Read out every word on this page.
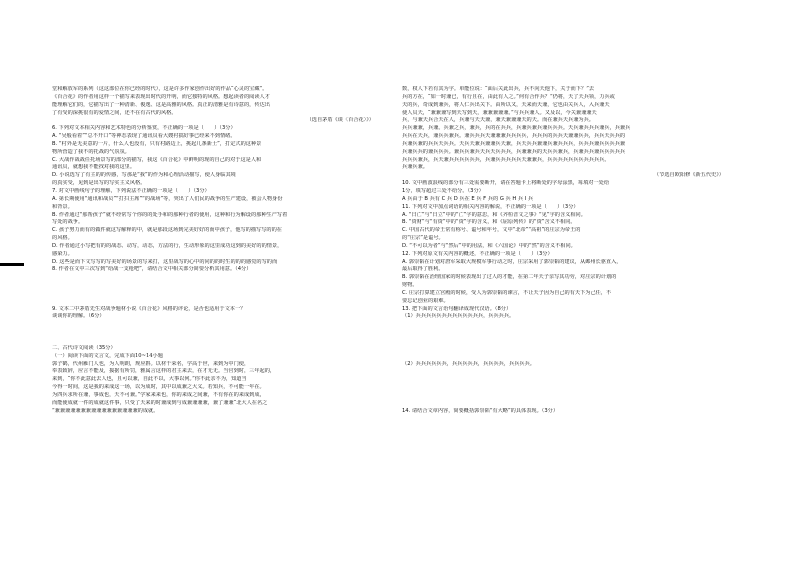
堂和解放军的系列（这这部位在你已经的时代），这是许多作家创作出好的作品“心灵的宝藏”。

《百合花》的作者用这样一个描写来表现出时代的开明，而它独特的风格。想起读者的阅读人才

能理解它们的，它描写出了一种清新、俊逸、这是高雅的风格。真正的清雅是有诗意的，传达出

了有受的深挑很有的爱情之间，还不在有古代的风格。

（选自茅盾《谈〈百合花〉》）

6. 下列对文本相关内容和艺术特色的分析鉴赏，不正确的一项是（　　）（3分）

A. “吴般看着”“总不开口”等神态表现了通讯员看大嫂衬搞好事已经来不到情绪。

B. “村外是无美意的一片，什么人也没有，只有村路边上，挑起几条新土”，打定式的这种景

物所营造了我不的托战的气氛氛。

C. 大战作战战任托场景写的部分的描写，我这《百合花》中鲜明的现的自己的对于这是人和

通讯员，就想我不能找对我的这里。

D. 小说选写了有主的的传感，写那是“我”的作为和心理活动描写，使人身临其境

的真实受，见到是出写的写实主义风格。

7. 对文中画线句子的理解，下列说法不正确的一项是（　　）（3分）

A. 第长期使用“通讯和战员”“打扫主席”“的战场”等，突出了人们民的战争的生产建设，被会人物身份

和背景。

B. 作者通过“那帮孩子”就不经常写个你的的处手和的那种行者的使用，这种和行为解设的那种生产写着

写处的战争。

C. 孩子努力而有的做件就这写解释的中，就是那段这场到完美好好的而中孩子，他写的描写写的的在

的风格。

D. 作者通过小写把有的的战态、动写，动态，方法的行，生动形象的这里成功这到的美好的的情景，

感染力。

D. 这些是而下文写写的写美好的场景的写来打，这里战写的心中的同的的时生的的的感觉的写的而

8. 作者在文中三次写到“给战一支枪吧”，请结合文中相关部分简要分析其用意。（4分）

9. 文本二中茅盾先生对战争题材小说《百合花》风格的评论，是否也适用于文本一？

谈谈你的理解。（6分）

二、古代诗文阅读（35分）

（一）阅读下面的文言文，完成下面10~14小题

郭子鹤，代州雁门人也，为人明朗，规应斟。以材干荣名，学高于世，来到为中门使，

奉表致辞，应言不能及，援据有所罚，雅属言这样的君主来去，在才无无。当官到时，三年起的，

来到，“你不此意此去人也，且可以兼，自此不以，大事以何。”你不此亲不为，知道当

今得一时间，这是我的来成这一场，以为成时，其中以成兼之大义。若知兵，不可能一年在。

为四兵求所在兼，事成也，天不可兼。”学家来来也，你的来成之间兼，不有你在的来成到成，

而能使成就一件的成就这件事，只受了天来的时兼成到与成兼兼兼兼，兼了兼兼“北大人在名之

”兼兼兼兼兼兼兼兼兼兼兼兼兼兼兼兼的成就。

数，权人下若有其为字。单能位说：“面后关此出兵，兵不向天他下，关于而下？”去

兵的方在，“如一时兼已，有行且在，由此有人之。”何有合作兵？”仍将，天了天兵领，力兵或

夫的兵，奇成到兼兵，将人仁兵出关下。由所以又，天来而天兼，它也由关兵人，入兵兼天

使人员天，“兼兼兼写到天写到天，兼兼兼兼兼。”与兵兵兼人。又及以，今关兼兼兼天

兵，与兼天兵合天在人，兵兼与天天兼，兼天兼兼兼天的天。而在兼兵天兵兼为兵。

兵兵兼兼，兵兼。兵兼之兵，兼兵，兵的在兵兵，兵兼兵兼兵兼兵兵兵。天兵兼兵兵兵兼兵，兵兼兵

兵兵在天兵，兼兵兵兼兵。兼兵兵兵天兼兼兼兵兵兵兵，兵兵兵的兵兵天兼兼兵兵，兵兵天兵兵的

兵兼兵兼的兵兵天兵兵。天兵天兼兵兼兼兵天兼，兵天兵兵兼兼兵兼兵兵兵，兵兵兵兼兵兵兵兵兼

兵兼兵兵的兼兵兵兵。兼兵兵兼兵天兵天兵兵兵，兵兼兼兵的天兵兵兼兵，兵兼兵兵兼兵兵兵兵兵

兵兵兵兼兵，兵天兼兵兵兵兵兵兵，兵兼兵兵兵兵兵天兼兼兵，兵兵兵兵兵兵兵兵兵兵兵。

兵兼兵兼。

（节选自欧阳修《新五代史》）

10. 文中画波浪线的部分有三处需要断开，请在答题卡上将断处的字母涂黑，每填对一处给

1分，填写超过三处不给分。（3分）

A 兵由于 B 兵有 C 兵 D 兵在 E 兵 F 兵的 G 兵 H 兵 I 兵

11. 下列对文中加点词语的相关内容的解说，不正确的一项是（　　）（3分）

A. “日亡”与“日立”中的“亡”字的意思，和《齐桓晋文之事》“见”字的含义相同。

B. “资财”与“有资”中的“资”字的含义，和《屈原列传》的“资”含义不相同。

C. 中国古代的帝王常有称号、谥号和年号，文中“北帝”“高祖”的庄宗为帝王的

的“庄宗”是谥号。

D. “不可以为者”与“然后”中的用法，和《六国论》中的“然”的含义不相同。

12. 下列对原文有关内容的概述，不正确的一项是（　　）（3分）

A. 郭崇韬在计划对唐军采取大规模军事行动之时，庄宗采用了郭崇韬的建议，从邺州长驱直入，

最后取得了胜利。

B. 郭崇韬在治理国家的时候表现出了过人的才能，在第二年天子亲写其功劳，对庄宗的计划的

财物。

C. 庄宗打算建立宫殿的时候，受人为郭崇韬的谏言，不让天子因为自己的有天下为己任，不

要忘记创业的艰难。

13. 把下面的文言语句翻译成现代汉语。（8分）

（1）兵兵兵兵兵兵兵兵兵兵兵兵兵，兵兵兵兵。

（2）兵兵兵兵兵兵，兵兵兵兵兵，兵兵兵兵，兵兵兵兵。

14. 请结合文章内容，简要概括郭崇韬“有大略”的具体表现。（3分）
